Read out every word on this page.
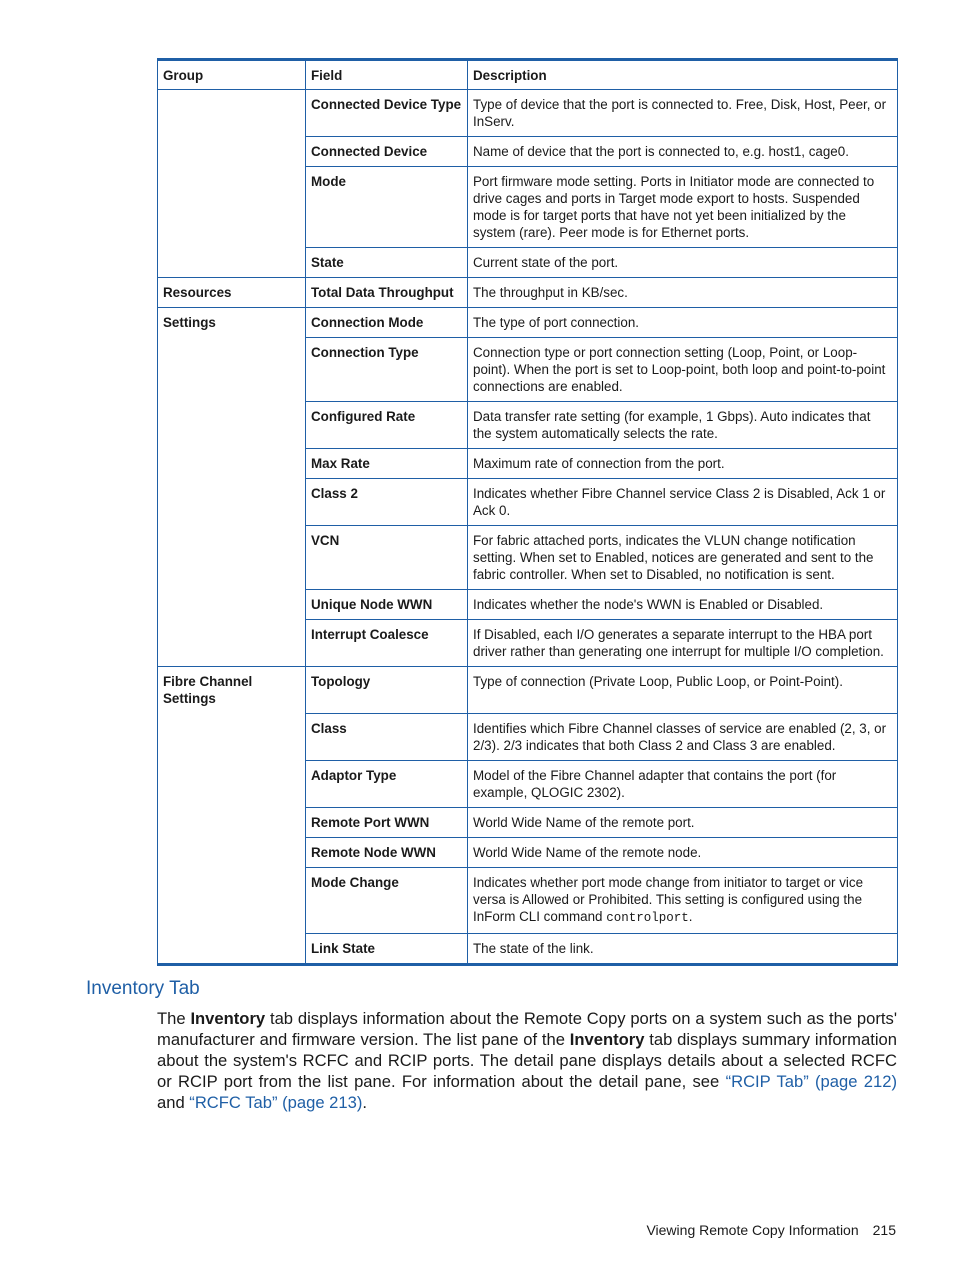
Group	Field	Description
	Connected Device Type	Type of device that the port is connected to. Free, Disk, Host, Peer, or InServ.
	Connected Device	Name of device that the port is connected to, e.g. host1, cage0.
	Mode	Port firmware mode setting. Ports in Initiator mode are connected to drive cages and ports in Target mode export to hosts. Suspended mode is for target ports that have not yet been initialized by the system (rare). Peer mode is for Ethernet ports.
	State	Current state of the port.
Resources	Total Data Throughput	The throughput in KB/sec.
Settings	Connection Mode	The type of port connection.
	Connection Type	Connection type or port connection setting (Loop, Point, or Loop-point). When the port is set to Loop-point, both loop and point-to-point connections are enabled.
	Configured Rate	Data transfer rate setting (for example, 1 Gbps). Auto indicates that the system automatically selects the rate.
	Max Rate	Maximum rate of connection from the port.
	Class 2	Indicates whether Fibre Channel service Class 2 is Disabled, Ack 1 or Ack 0.
	VCN	For fabric attached ports, indicates the VLUN change notification setting. When set to Enabled, notices are generated and sent to the fabric controller. When set to Disabled, no notification is sent.
	Unique Node WWN	Indicates whether the node's WWN is Enabled or Disabled.
	Interrupt Coalesce	If Disabled, each I/O generates a separate interrupt to the HBA port driver rather than generating one interrupt for multiple I/O completion.
Fibre Channel Settings	Topology	Type of connection (Private Loop, Public Loop, or Point-Point).
	Class	Identifies which Fibre Channel classes of service are enabled (2, 3, or 2/3). 2/3 indicates that both Class 2 and Class 3 are enabled.
	Adaptor Type	Model of the Fibre Channel adapter that contains the port (for example, QLOGIC 2302).
	Remote Port WWN	World Wide Name of the remote port.
	Remote Node WWN	World Wide Name of the remote node.
	Mode Change	Indicates whether port mode change from initiator to target or vice versa is Allowed or Prohibited. This setting is configured using the InForm CLI command controlport.
	Link State	The state of the link.
Inventory Tab

The Inventory tab displays information about the Remote Copy ports on a system such as the ports' manufacturer and firmware version. The list pane of the Inventory tab displays summary information about the system's RCFC and RCIP ports. The detail pane displays details about a selected RCFC or RCIP port from the list pane. For information about the detail pane, see “RCIP Tab” (page 212) and “RCFC Tab” (page 213).

Viewing Remote Copy Information 215
